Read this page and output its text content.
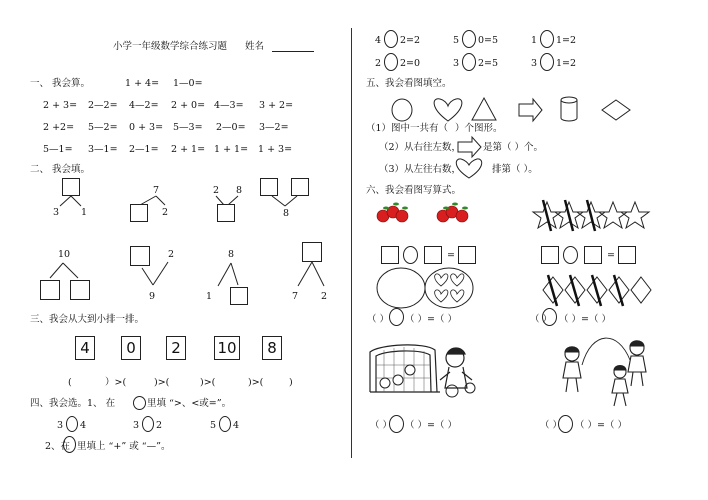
小学一年级数学综合练习题 姓名
一、 我会算。	1 + 4= 1—0=
2 + 3= 2—2= 4—2= 2 + 0= 4—3= 3 + 2=
2 +2= 5—2= 0 + 3= 5—3= 2—0= 3—2=
5—1= 3—1= 2—1= 2 + 1= 1 + 1= 1 + 3=
二、 我会填。
3 1
7
2
2 8
8
10	2
9
8
1	7 2
三、我会从大到小排一排。
4	0	2	10	8
(	）>(	)>(	)>(	)>(	)
四、我会选。1、 在	里填 “>、<或=”。
3 4	3 2	5 4
2、在 里填上 “+” 或 “—”。
4 2=2	5 0=5	1 1=2
2 2=0	3 2=5	3 1=2
五、我会看图填空。
（1）图中一共有（ ）个图形。
（2）从右往左数， 是第（ ）个。
（3）从左往右数，	排第（ ）。
六、我会看图写算式。
=	=
（ ） （ ）=（ ）	（ ） （ ）=（ ）
（ ） （ ）=（ ）	（ ） （ ）=（ ）
